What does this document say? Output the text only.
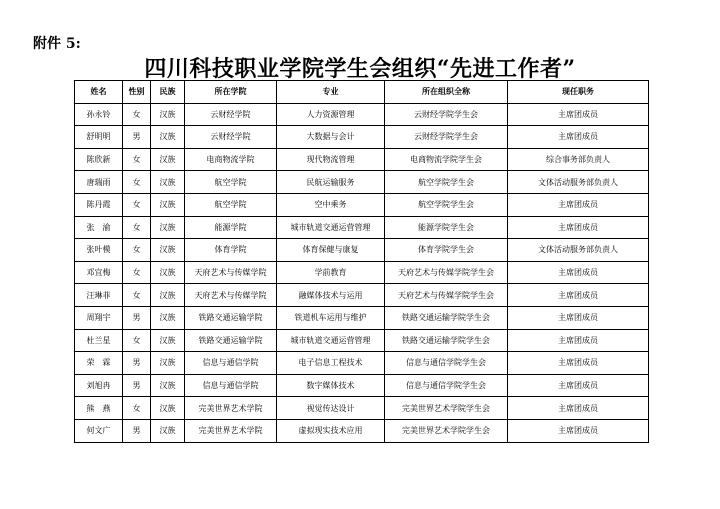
附件 5:
四川科技职业学院学生会组织“先进工作者”
姓名	性别	民族	所在学院	专业	所在组织全称	现任职务
孙永铃	女	汉族	云财经学院	人力资源管理	云财经学院学生会	主席团成员
舒明明	男	汉族	云财经学院	大数据与会计	云财经学院学生会	主席团成员
陈欣新	女	汉族	电商物流学院	现代物流管理	电商物流学院学生会	综合事务部负责人
唐瑞雨	女	汉族	航空学院	民航运输服务	航空学院学生会	文体活动服务部负责人
陈丹霞	女	汉族	航空学院	空中乘务	航空学院学生会	主席团成员
张　渝	女	汉族	能源学院	城市轨道交通运营管理	能源学院学生会	主席团成员
张叶模	女	汉族	体育学院	体育保健与康复	体育学院学生会	文体活动服务部负责人
邓宜梅	女	汉族	天府艺术与传媒学院	学前教育	天府艺术与传媒学院学生会	主席团成员
汪琳菲	女	汉族	天府艺术与传媒学院	融媒体技术与运用	天府艺术与传媒学院学生会	主席团成员
周翔宇	男	汉族	铁路交通运输学院	铁道机车运用与维护	铁路交通运输学院学生会	主席团成员
杜兰星	女	汉族	铁路交通运输学院	城市轨道交通运营管理	铁路交通运输学院学生会	主席团成员
荣　霖	男	汉族	信息与通信学院	电子信息工程技术	信息与通信学院学生会	主席团成员
刘旭冉	男	汉族	信息与通信学院	数字媒体技术	信息与通信学院学生会	主席团成员
熊　燕	女	汉族	完美世界艺术学院	视觉传达设计	完美世界艺术学院学生会	主席团成员
何文广	男	汉族	完美世界艺术学院	虚拟现实技术应用	完美世界艺术学院学生会	主席团成员
